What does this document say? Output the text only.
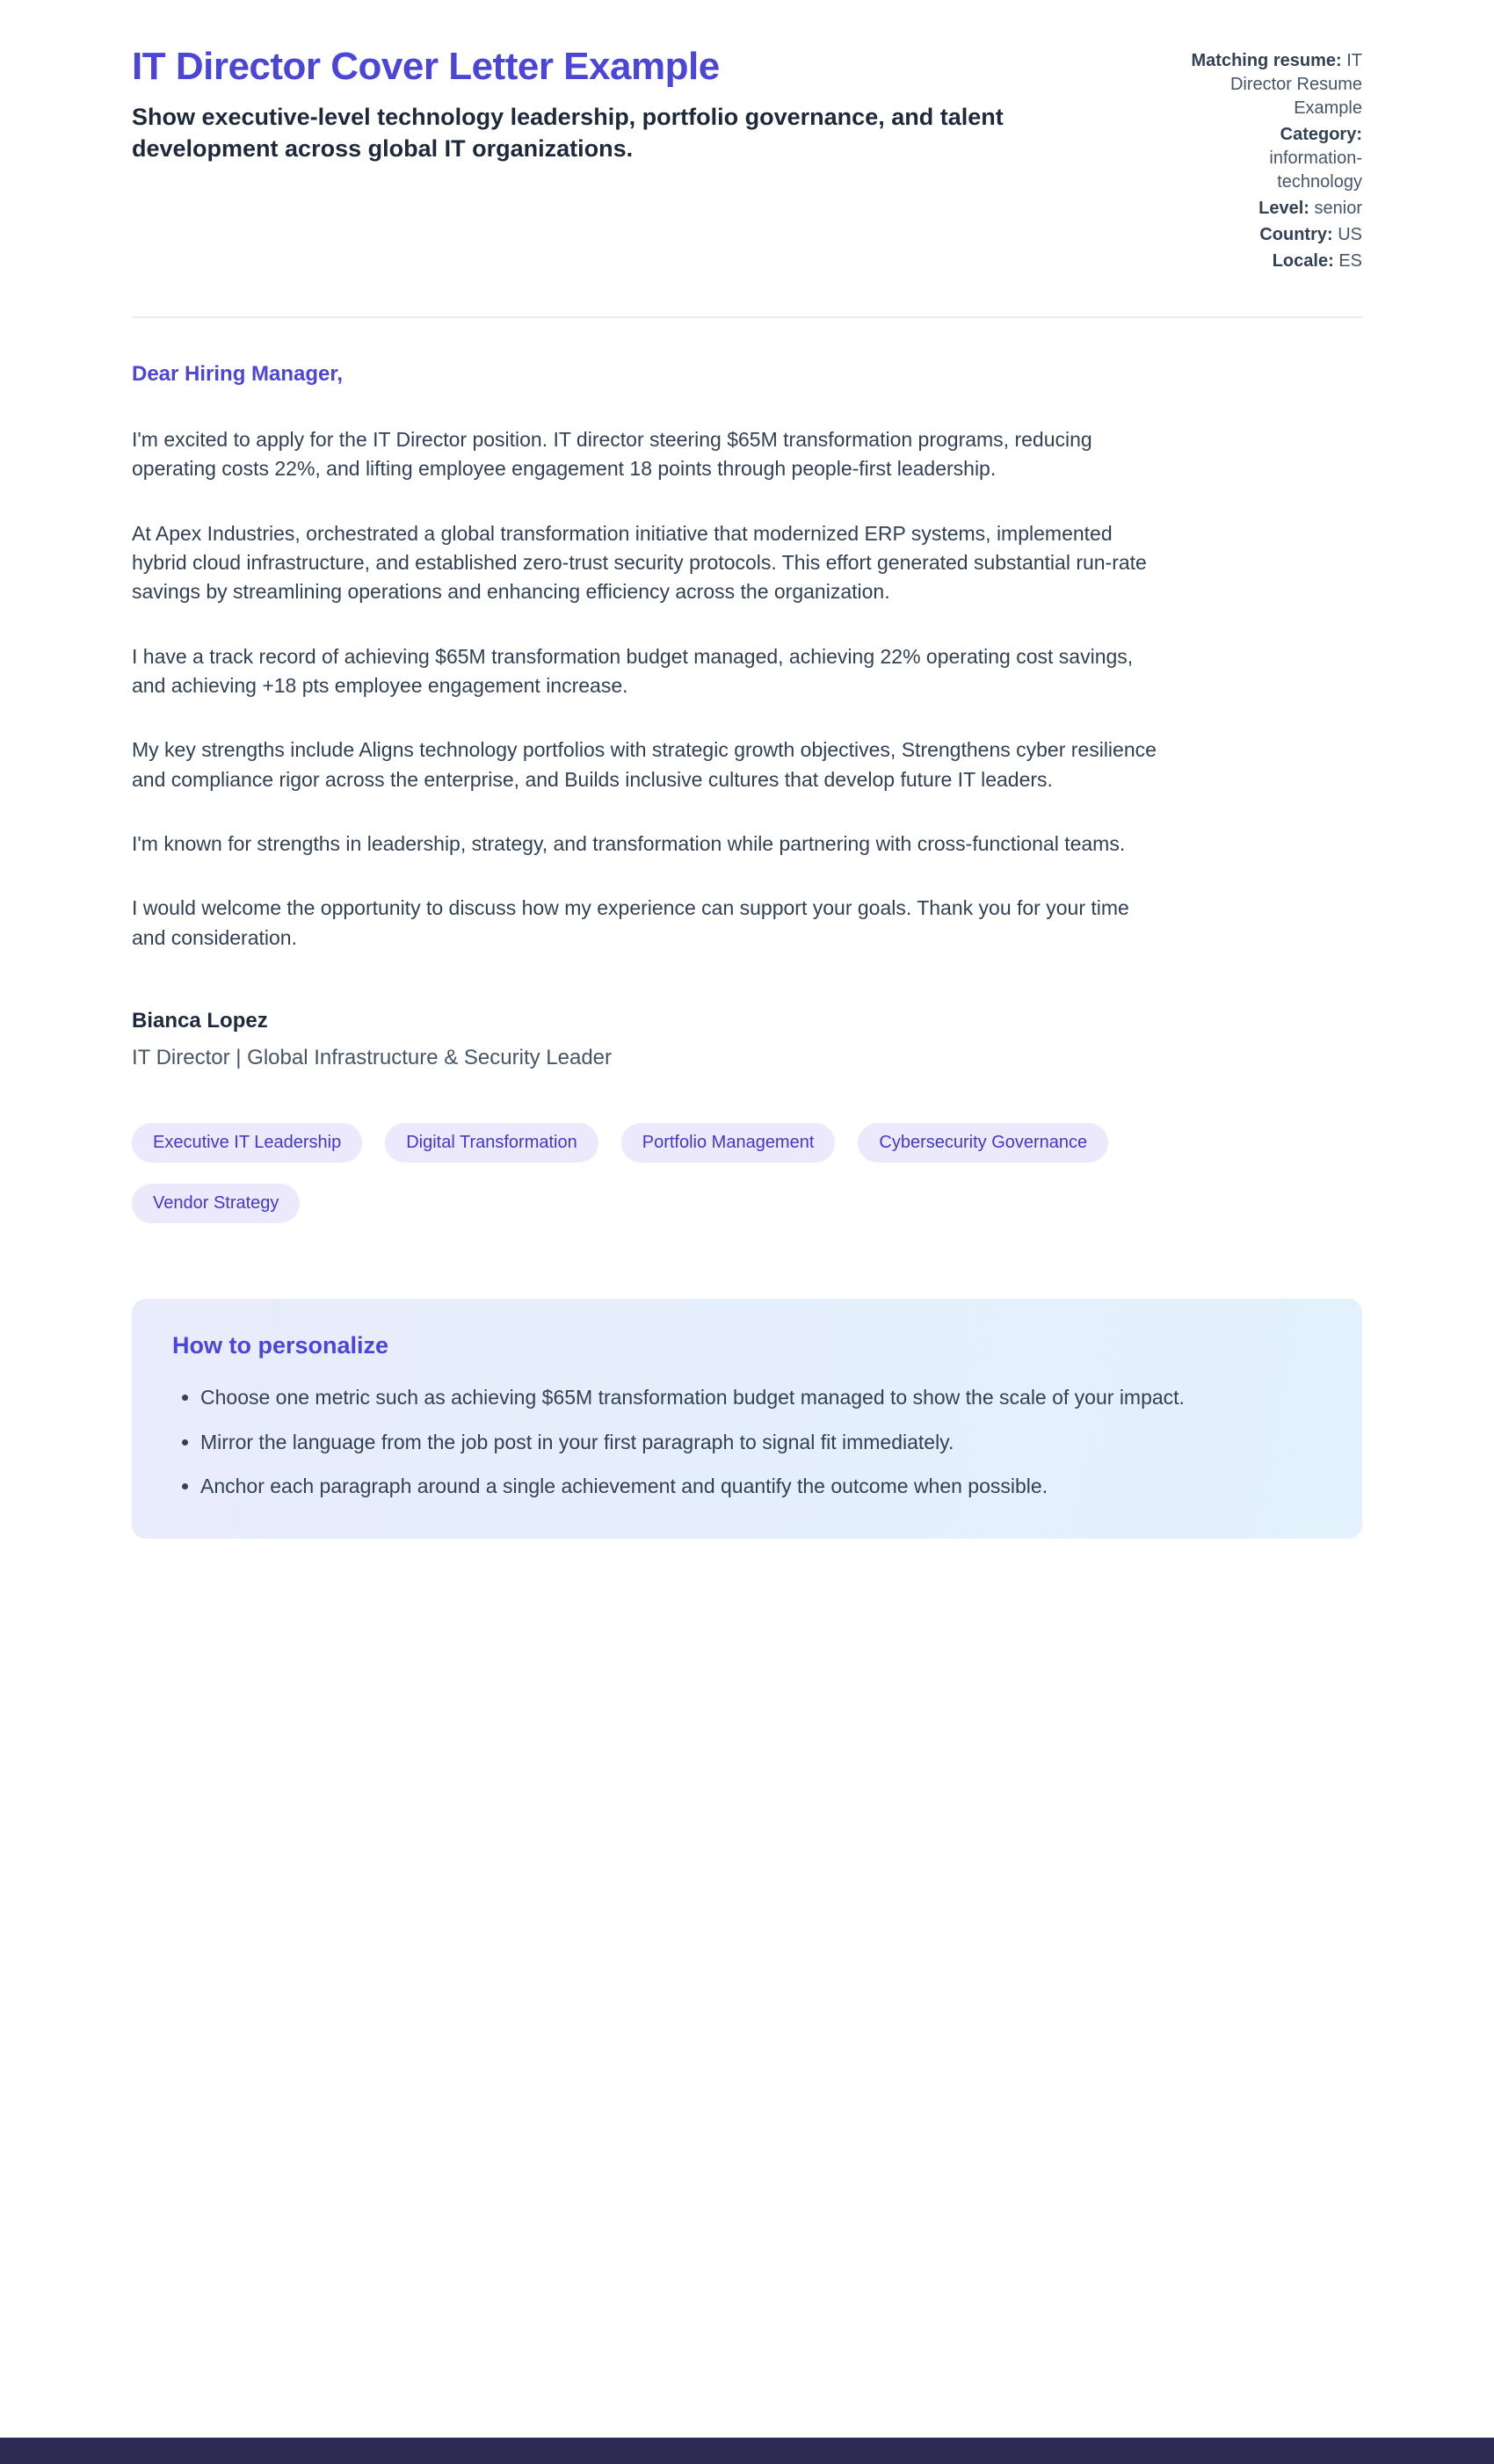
IT Director Cover Letter Example

Show executive-level technology leadership, portfolio governance, and talent development across global IT organizations.

Matching resume: IT Director Resume Example
Category: information-technology
Level: senior
Country: US
Locale: ES

Dear Hiring Manager,

I'm excited to apply for the IT Director position. IT director steering $65M transformation programs, reducing operating costs 22%, and lifting employee engagement 18 points through people-first leadership.

At Apex Industries, orchestrated a global transformation initiative that modernized ERP systems, implemented hybrid cloud infrastructure, and established zero-trust security protocols. This effort generated substantial run-rate savings by streamlining operations and enhancing efficiency across the organization.

I have a track record of achieving $65M transformation budget managed, achieving 22% operating cost savings, and achieving +18 pts employee engagement increase.

My key strengths include Aligns technology portfolios with strategic growth objectives, Strengthens cyber resilience and compliance rigor across the enterprise, and Builds inclusive cultures that develop future IT leaders.

I'm known for strengths in leadership, strategy, and transformation while partnering with cross-functional teams.

I would welcome the opportunity to discuss how my experience can support your goals. Thank you for your time and consideration.

Bianca Lopez

IT Director | Global Infrastructure & Security Leader

Executive IT Leadership	Digital Transformation	Portfolio Management	Cybersecurity Governance
Vendor Strategy
How to personalize
• Choose one metric such as achieving $65M transformation budget managed to show the scale of your impact.
• Mirror the language from the job post in your first paragraph to signal fit immediately.
• Anchor each paragraph around a single achievement and quantify the outcome when possible.
